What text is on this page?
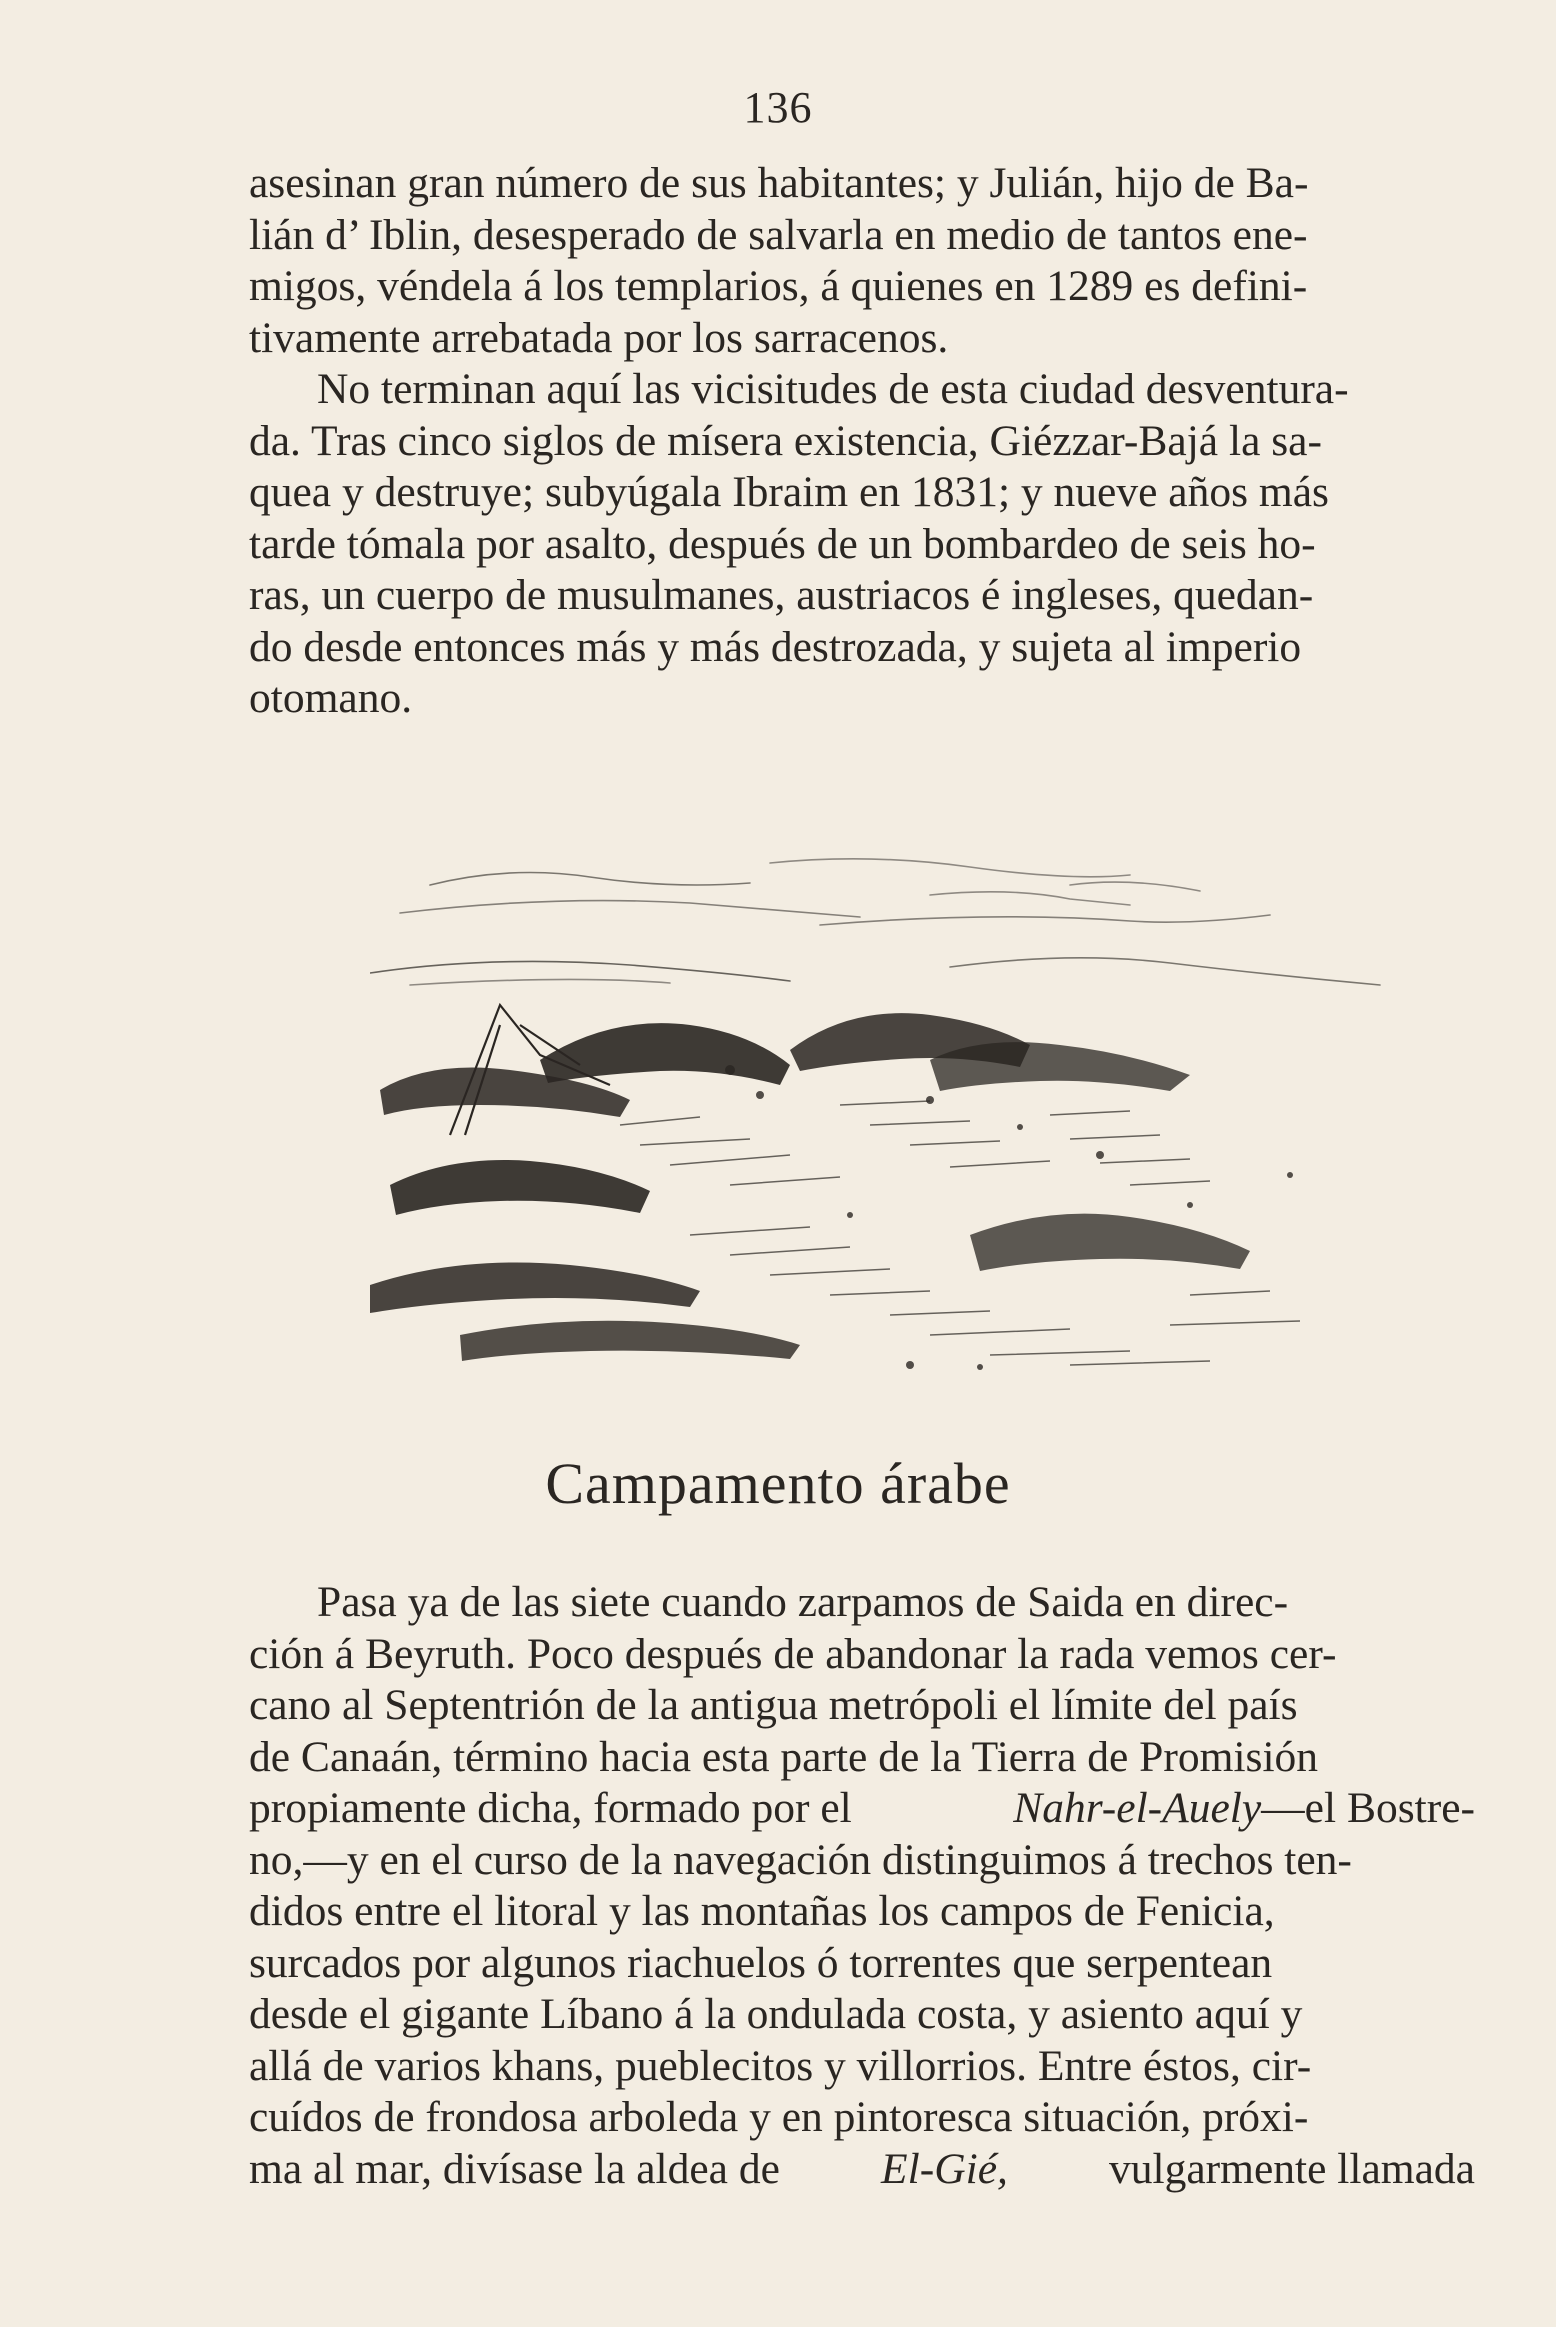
136
asesinan gran número de sus habitantes; y Julián, hijo de Ba-
lián d’ Iblin, desesperado de salvarla en medio de tantos ene-
migos, véndela á los templarios, á quienes en 1289 es defini-
tivamente arrebatada por los sarracenos.
No terminan aquí las vicisitudes de esta ciudad desventura-
da. Tras cinco siglos de mísera existencia, Giézzar-Bajá la sa-
quea y destruye; subyúgala Ibraim en 1831; y nueve años más
tarde tómala por asalto, después de un bombardeo de seis ho-
ras, un cuerpo de musulmanes, austriacos é ingleses, quedan-
do desde entonces más y más destrozada, y sujeta al imperio
otomano.
Campamento árabe
Pasa ya de las siete cuando zarpamos de Saida en direc-
ción á Beyruth. Poco después de abandonar la rada vemos cer-
cano al Septentrión de la antigua metrópoli el límite del país
de Canaán, término hacia esta parte de la Tierra de Promisión
propiamente dicha, formado por el	Nahr-el-Auely—el Bostre-
no,—y en el curso de la navegación distinguimos á trechos ten-
didos entre el litoral y las montañas los campos de Fenicia,
surcados por algunos riachuelos ó torrentes que serpentean
desde el gigante Líbano á la ondulada costa, y asiento aquí y
allá de varios khans, pueblecitos y villorrios. Entre éstos, cir-
cuídos de frondosa arboleda y en pintoresca situación, próxi-
ma al mar, divísase la aldea de El-Gié, vulgarmente llamada
